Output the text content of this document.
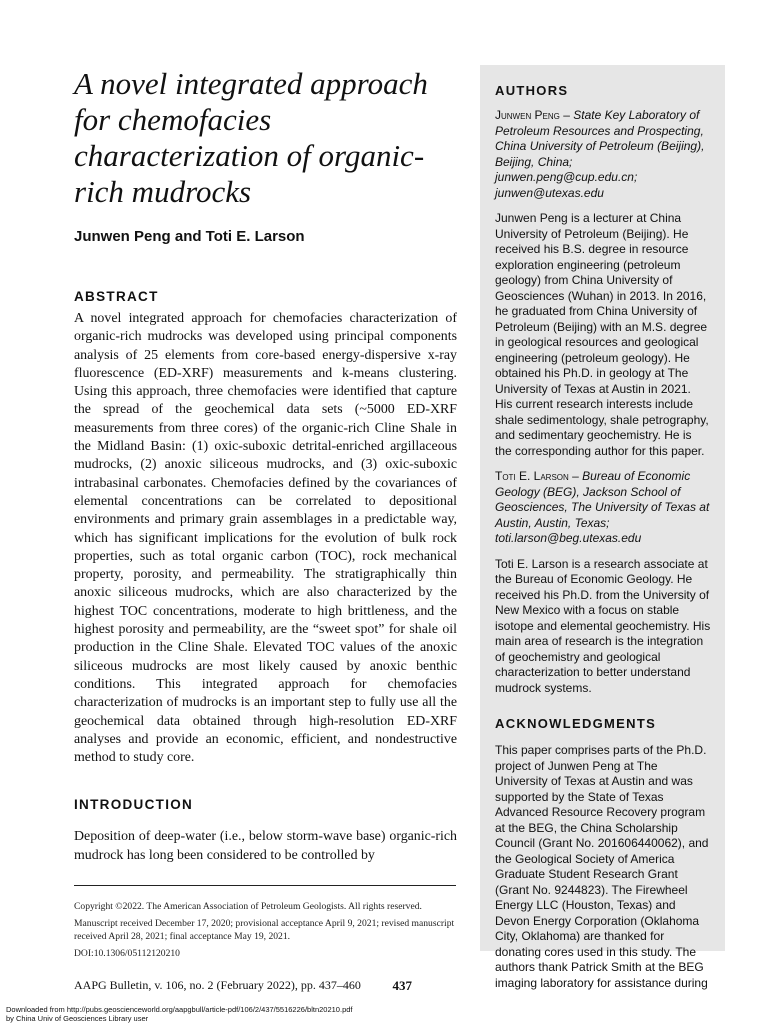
A novel integrated approach for chemofacies characterization of organic-rich mudrocks
Junwen Peng and Toti E. Larson
ABSTRACT
A novel integrated approach for chemofacies characterization of organic-rich mudrocks was developed using principal components analysis of 25 elements from core-based energy-dispersive x-ray fluorescence (ED-XRF) measurements and k-means clustering. Using this approach, three chemofacies were identified that capture the spread of the geochemical data sets (~5000 ED-XRF measurements from three cores) of the organic-rich Cline Shale in the Midland Basin: (1) oxic-suboxic detrital-enriched argillaceous mudrocks, (2) anoxic siliceous mudrocks, and (3) oxic-suboxic intrabasinal carbonates. Chemofacies defined by the covariances of elemental concentrations can be correlated to depositional environments and primary grain assemblages in a predictable way, which has significant implications for the evolution of bulk rock properties, such as total organic carbon (TOC), rock mechanical property, porosity, and permeability. The stratigraphically thin anoxic siliceous mudrocks, which are also characterized by the highest TOC concentrations, moderate to high brittleness, and the highest porosity and permeability, are the “sweet spot” for shale oil production in the Cline Shale. Elevated TOC values of the anoxic siliceous mudrocks are most likely caused by anoxic benthic conditions. This integrated approach for chemofacies characterization of mudrocks is an important step to fully use all the geochemical data obtained through high-resolution ED-XRF analyses and provide an economic, efficient, and nondestructive method to study core.
INTRODUCTION
Deposition of deep-water (i.e., below storm-wave base) organic-rich mudrock has long been considered to be controlled by

Copyright ©2022. The American Association of Petroleum Geologists. All rights reserved.

Manuscript received December 17, 2020; provisional acceptance April 9, 2021; revised manuscript received April 28, 2021; final acceptance May 19, 2021.

DOI:10.1306/05112120210

AAPG Bulletin, v. 106, no. 2 (February 2022), pp. 437–460 437
Downloaded from http://pubs.geoscienceworld.org/aapgbull/article-pdf/106/2/437/5516226/bltn20210.pdf
by China Univ of Geosciences Library user
AUTHORS
Junwen Peng – State Key Laboratory of Petroleum Resources and Prospecting, China University of Petroleum (Beijing), Beijing, China; junwen.peng@cup.edu.cn; junwen@utexas.edu
Junwen Peng is a lecturer at China University of Petroleum (Beijing). He received his B.S. degree in resource exploration engineering (petroleum geology) from China University of Geosciences (Wuhan) in 2013. In 2016, he graduated from China University of Petroleum (Beijing) with an M.S. degree in geological resources and geological engineering (petroleum geology). He obtained his Ph.D. in geology at The University of Texas at Austin in 2021. His current research interests include shale sedimentology, shale petrography, and sedimentary geochemistry. He is the corresponding author for this paper.
Toti E. Larson – Bureau of Economic Geology (BEG), Jackson School of Geosciences, The University of Texas at Austin, Austin, Texas; toti.larson@beg.utexas.edu
Toti E. Larson is a research associate at the Bureau of Economic Geology. He received his Ph.D. from the University of New Mexico with a focus on stable isotope and elemental geochemistry. His main area of research is the integration of geochemistry and geological characterization to better understand mudrock systems.
ACKNOWLEDGMENTS
This paper comprises parts of the Ph.D. project of Junwen Peng at The University of Texas at Austin and was supported by the State of Texas Advanced Resource Recovery program at the BEG, the China Scholarship Council (Grant No. 201606440062), and the Geological Society of America Graduate Student Research Grant (Grant No. 9244823). The Firewheel Energy LLC (Houston, Texas) and Devon Energy Corporation (Oklahoma City, Oklahoma) are thanked for donating cores used in this study. The authors thank Patrick Smith at the BEG imaging laboratory for assistance during
